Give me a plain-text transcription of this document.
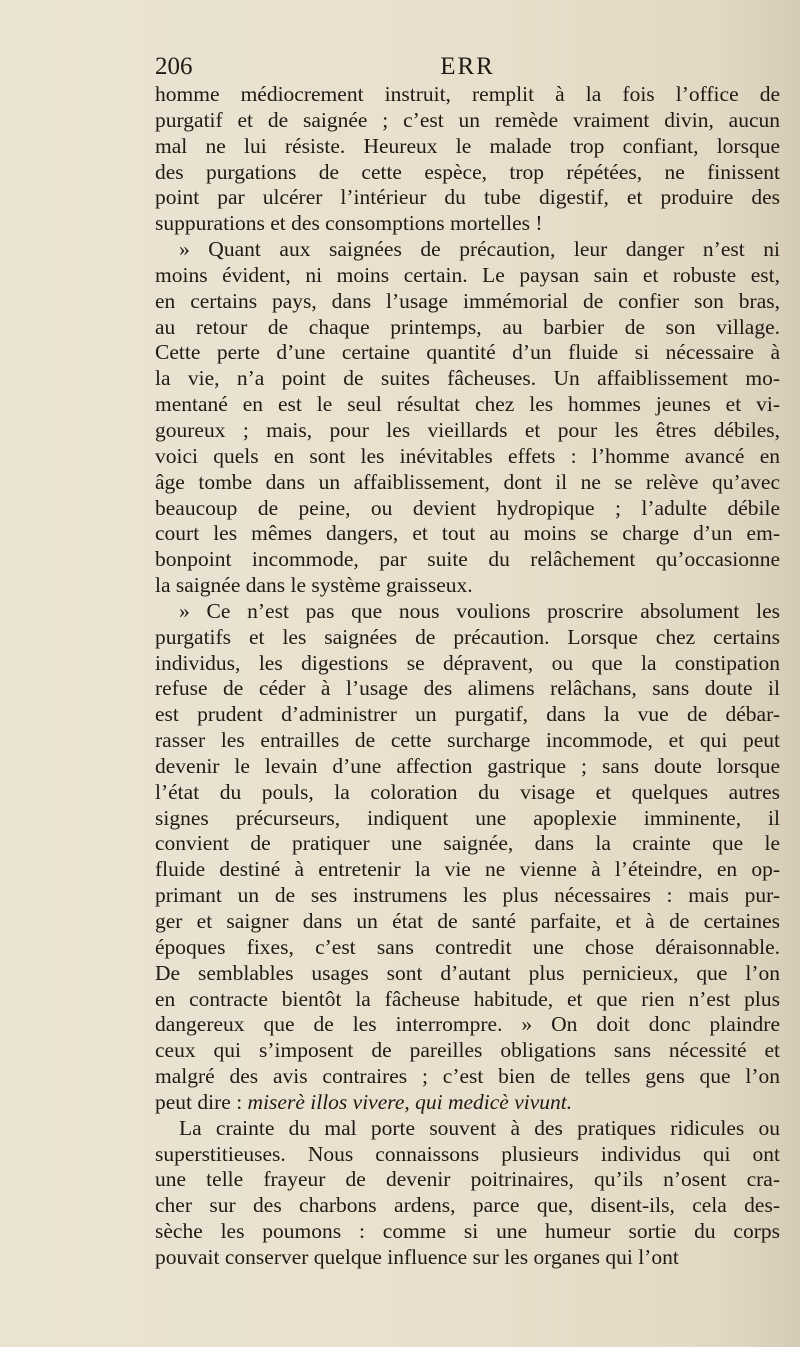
206	ERR

homme médiocrement instruit, remplit à la fois l’office de
purgatif et de saignée ; c’est un remède vraiment divin, aucun
mal ne lui résiste. Heureux le malade trop confiant, lorsque
des purgations de cette espèce, trop répétées, ne finissent
point par ulcérer l’intérieur du tube digestif, et produire des
suppurations et des consomptions mortelles !

» Quant aux saignées de précaution, leur danger n’est ni
moins évident, ni moins certain. Le paysan sain et robuste est,
en certains pays, dans l’usage immémorial de confier son bras,
au retour de chaque printemps, au barbier de son village.
Cette perte d’une certaine quantité d’un fluide si nécessaire à
la vie, n’a point de suites fâcheuses. Un affaiblissement mo-
mentané en est le seul résultat chez les hommes jeunes et vi-
goureux ; mais, pour les vieillards et pour les êtres débiles,
voici quels en sont les inévitables effets : l’homme avancé en
âge tombe dans un affaiblissement, dont il ne se relève qu’avec
beaucoup de peine, ou devient hydropique ; l’adulte débile
court les mêmes dangers, et tout au moins se charge d’un em-
bonpoint incommode, par suite du relâchement qu’occasionne
la saignée dans le système graisseux.

» Ce n’est pas que nous voulions proscrire absolument les
purgatifs et les saignées de précaution. Lorsque chez certains
individus, les digestions se dépravent, ou que la constipation
refuse de céder à l’usage des alimens relâchans, sans doute il
est prudent d’administrer un purgatif, dans la vue de débar-
rasser les entrailles de cette surcharge incommode, et qui peut
devenir le levain d’une affection gastrique ; sans doute lorsque
l’état du pouls, la coloration du visage et quelques autres
signes précurseurs, indiquent une apoplexie imminente, il
convient de pratiquer une saignée, dans la crainte que le
fluide destiné à entretenir la vie ne vienne à l’éteindre, en op-
primant un de ses instrumens les plus nécessaires : mais pur-
ger et saigner dans un état de santé parfaite, et à de certaines
époques fixes, c’est sans contredit une chose déraisonnable.
De semblables usages sont d’autant plus pernicieux, que l’on
en contracte bientôt la fâcheuse habitude, et que rien n’est plus
dangereux que de les interrompre. » On doit donc plaindre
ceux qui s’imposent de pareilles obligations sans nécessité et
malgré des avis contraires ; c’est bien de telles gens que l’on
peut dire : miserè illos vivere, qui medicè vivunt.

La crainte du mal porte souvent à des pratiques ridicules ou
superstitieuses. Nous connaissons plusieurs individus qui ont
une telle frayeur de devenir poitrinaires, qu’ils n’osent cra-
cher sur des charbons ardens, parce que, disent-ils, cela des-
sèche les poumons : comme si une humeur sortie du corps
pouvait conserver quelque influence sur les organes qui l’ont
